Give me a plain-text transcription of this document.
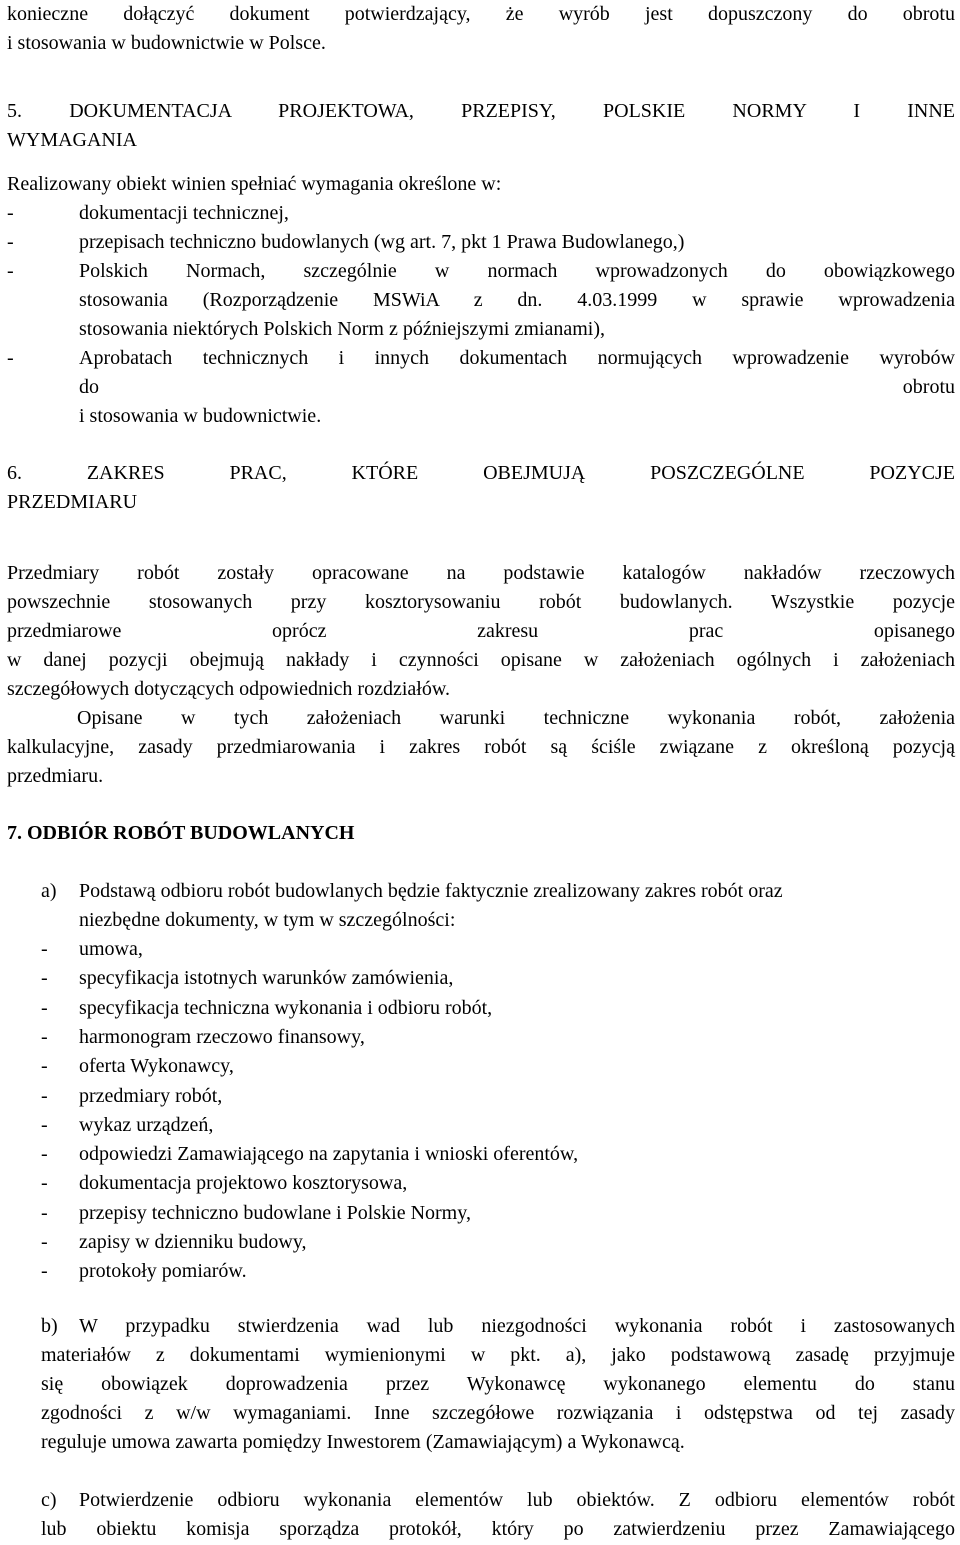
konieczne dołączyć dokument potwierdzający, że wyrób jest dopuszczony do obrotu
i stosowania w budownictwie w Polsce.
5. DOKUMENTACJA PROJEKTOWA, PRZEPISY, POLSKIE NORMY I INNE
WYMAGANIA
Realizowany obiekt winien spełniać wymagania określone w:
-	dokumentacji technicznej,
-	przepisach techniczno budowlanych (wg art. 7, pkt 1 Prawa Budowlanego,)
-	Polskich Normach, szczególnie w normach wprowadzonych do obowiązkowego
stosowania (Rozporządzenie MSWiA z dn. 4.03.1999 w sprawie wprowadzenia
stosowania niektórych Polskich Norm z późniejszymi zmianami),
-	Aprobatach technicznych i innych dokumentach normujących wprowadzenie wyrobów
do obrotu
i stosowania w budownictwie.
6. ZAKRES PRAC, KTÓRE OBEJMUJĄ POSZCZEGÓLNE POZYCJE
PRZEDMIARU
Przedmiary robót zostały opracowane na podstawie katalogów nakładów rzeczowych
powszechnie stosowanych przy kosztorysowaniu robót budowlanych. Wszystkie pozycje
przedmiarowe oprócz zakresu prac opisanego
w danej pozycji obejmują nakłady i czynności opisane w założeniach ogólnych i założeniach
szczegółowych dotyczących odpowiednich rozdziałów.
Opisane w tych założeniach warunki techniczne wykonania robót, założenia
kalkulacyjne, zasady przedmiarowania i zakres robót są ściśle związane z określoną pozycją
przedmiaru.
7. ODBIÓR ROBÓT BUDOWLANYCH
a) Podstawą odbioru robót budowlanych będzie faktycznie zrealizowany zakres robót oraz
niezbędne dokumenty, w tym w szczególności:
- umowa,
- specyfikacja istotnych warunków zamówienia,
- specyfikacja techniczna wykonania i odbioru robót,
- harmonogram rzeczowo finansowy,
- oferta Wykonawcy,
- przedmiary robót,
- wykaz urządzeń,
- odpowiedzi Zamawiającego na zapytania i wnioski oferentów,
- dokumentacja projektowo kosztorysowa,
- przepisy techniczno budowlane i Polskie Normy,
- zapisy w dzienniku budowy,
- protokoły pomiarów.
b) W przypadku stwierdzenia wad lub niezgodności wykonania robót i zastosowanych
materiałów z dokumentami wymienionymi w pkt. a), jako podstawową zasadę przyjmuje
się obowiązek doprowadzenia przez Wykonawcę wykonanego elementu do stanu
zgodności z w/w wymaganiami. Inne szczegółowe rozwiązania i odstępstwa od tej zasady
reguluje umowa zawarta pomiędzy Inwestorem (Zamawiającym) a Wykonawcą.
c) Potwierdzenie odbioru wykonania elementów lub obiektów. Z odbioru elementów robót
lub obiektu komisja sporządza protokół, który po zatwierdzeniu przez Zamawiającego
